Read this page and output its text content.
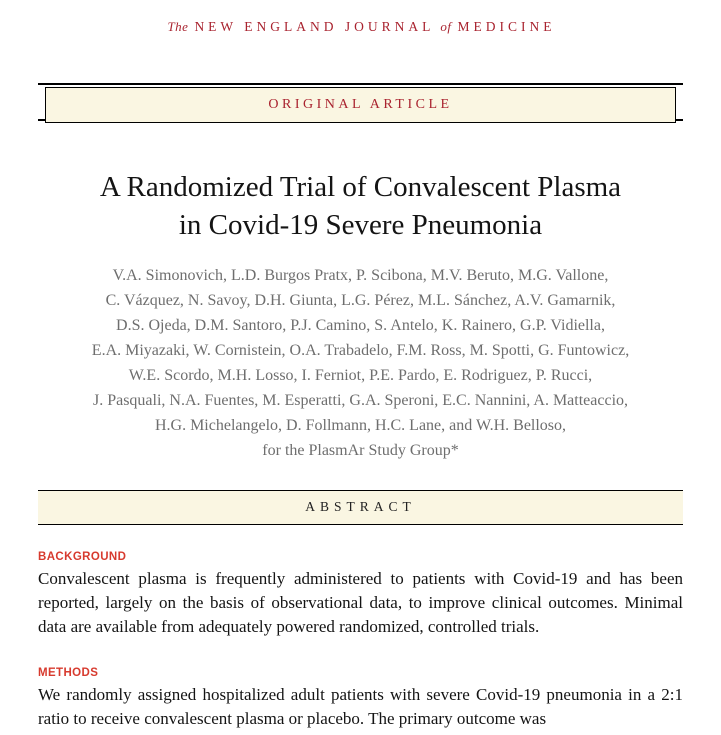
The NEW ENGLAND JOURNAL of MEDICINE
ORIGINAL ARTICLE
A Randomized Trial of Convalescent Plasma
in Covid-19 Severe Pneumonia
V.A. Simonovich, L.D. Burgos Pratx, P. Scibona, M.V. Beruto, M.G. Vallone,
C. Vázquez, N. Savoy, D.H. Giunta, L.G. Pérez, M.L. Sánchez, A.V. Gamarnik,
D.S. Ojeda, D.M. Santoro, P.J. Camino, S. Antelo, K. Rainero, G.P. Vidiella,
E.A. Miyazaki, W. Cornistein, O.A. Trabadelo, F.M. Ross, M. Spotti, G. Funtowicz,
W.E. Scordo, M.H. Losso, I. Ferniot, P.E. Pardo, E. Rodriguez, P. Rucci,
J. Pasquali, N.A. Fuentes, M. Esperatti, G.A. Speroni, E.C. Nannini, A. Matteaccio,
H.G. Michelangelo, D. Follmann, H.C. Lane, and W.H. Belloso,
for the PlasmAr Study Group*
ABSTRACT
BACKGROUND

Convalescent plasma is frequently administered to patients with Covid-19 and has been reported, largely on the basis of observational data, to improve clinical outcomes. Minimal data are available from adequately powered randomized, controlled trials.

METHODS

We randomly assigned hospitalized adult patients with severe Covid-19 pneumonia in a 2:1 ratio to receive convalescent plasma or placebo. The primary outcome was
